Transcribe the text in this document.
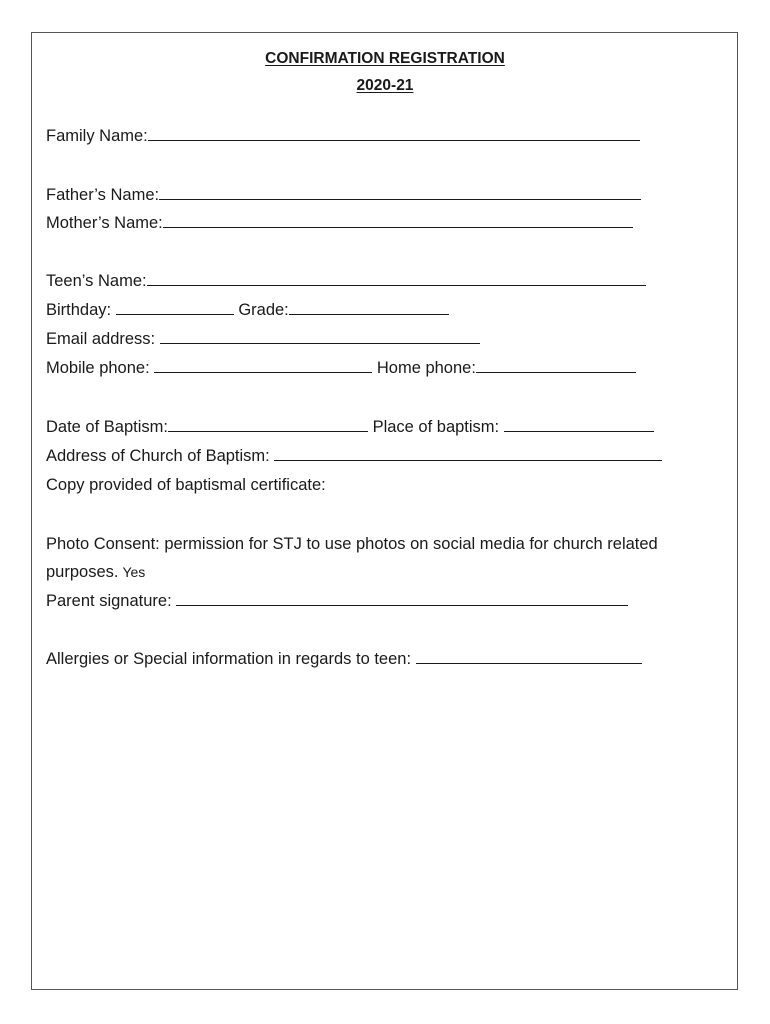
CONFIRMATION REGISTRATION
2020-21
Family Name:
Father’s Name:
Mother’s Name:
Teen’s Name:
Birthday:	Grade:
Email address:
Mobile phone:	Home phone:
Date of Baptism:	Place of baptism:
Address of Church of Baptism:
Copy provided of baptismal certificate:
Photo Consent: permission for STJ to use photos on social media for church related
purposes. Yes
Parent signature:
Allergies or Special information in regards to teen:
